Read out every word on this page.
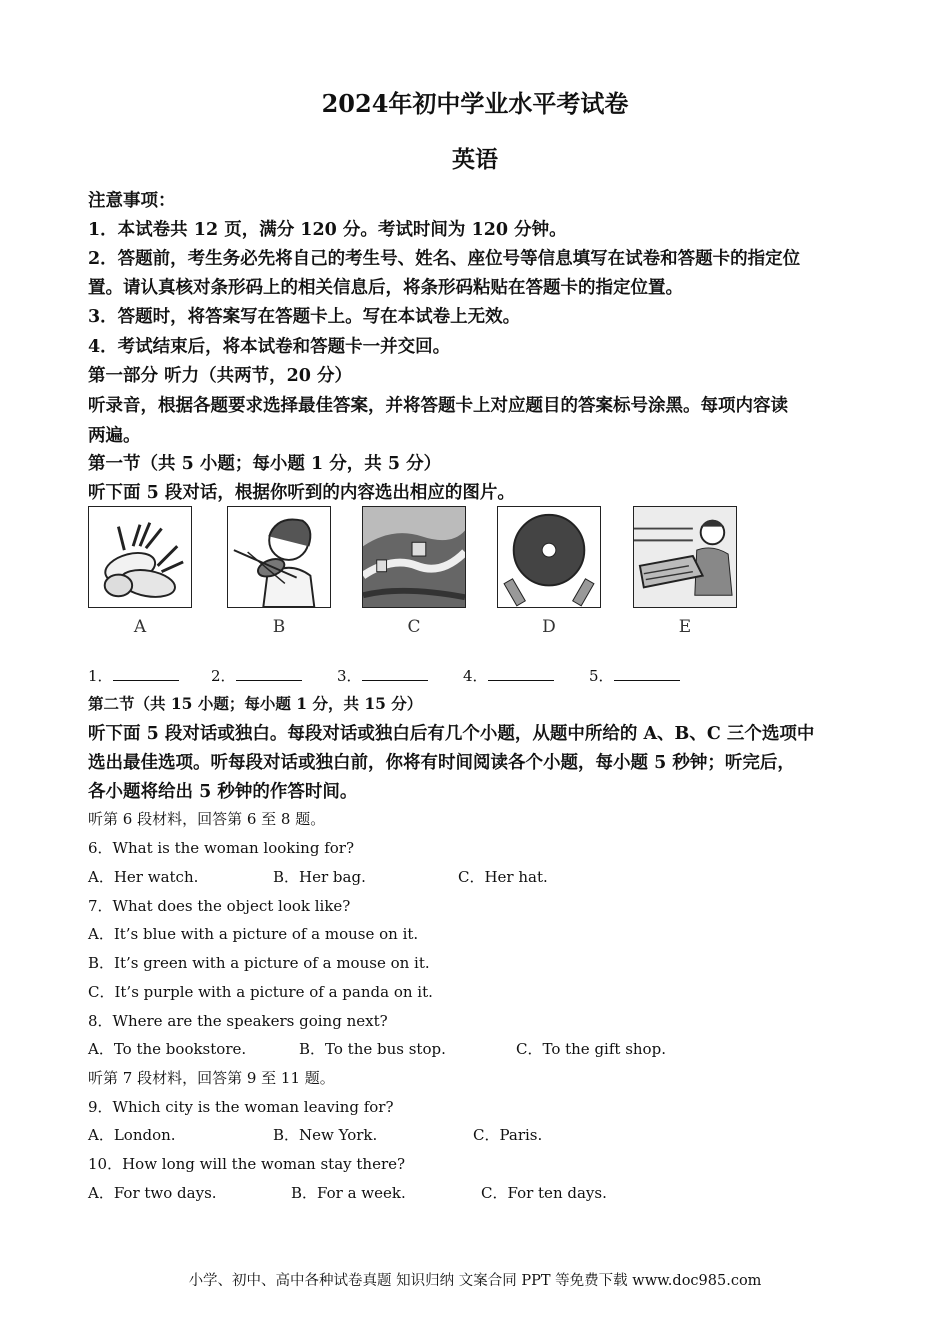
2024年初中学业水平考试卷
英语
注意事项：
1．本试卷共 12 页，满分 120 分。考试时间为 120 分钟。
2．答题前，考生务必先将自己的考生号、姓名、座位号等信息填写在试卷和答题卡的指定位
置。请认真核对条形码上的相关信息后，将条形码粘贴在答题卡的指定位置。
3．答题时，将答案写在答题卡上。写在本试卷上无效。
4．考试结束后，将本试卷和答题卡一并交回。
第一部分 听力（共两节，20 分）
听录音，根据各题要求选择最佳答案，并将答题卡上对应题目的答案标号涂黑。每项内容读
两遍。
第一节（共 5 小题；每小题 1 分，共 5 分）
听下面 5 段对话，根据你听到的内容选出相应的图片。
A	B	C	D	E
1．	2．	3．	4．	5．
第二节（共 15 小题；每小题 1 分，共 15 分）
听下面 5 段对话或独白。每段对话或独白后有几个小题，从题中所给的 A、B、C 三个选项中
选出最佳选项。听每段对话或独白前，你将有时间阅读各个小题，每小题 5 秒钟；听完后，
各小题将给出 5 秒钟的作答时间。
听第 6 段材料，回答第 6 至 8 题。
6．What is the woman looking for?
A．Her watch.	B．Her bag.	C．Her hat.
7．What does the object look like?
A．It’s blue with a picture of a mouse on it.
B．It’s green with a picture of a mouse on it.
C．It’s purple with a picture of a panda on it.
8．Where are the speakers going next?
A．To the bookstore.	B．To the bus stop.	C．To the gift shop.
听第 7 段材料，回答第 9 至 11 题。
9．Which city is the woman leaving for?
A．London.	B．New York.	C．Paris.
10．How long will the woman stay there?
A．For two days.	B．For a week.	C．For ten days.
小学、初中、高中各种试卷真题 知识归纳 文案合同 PPT 等免费下载 www.doc985.com
